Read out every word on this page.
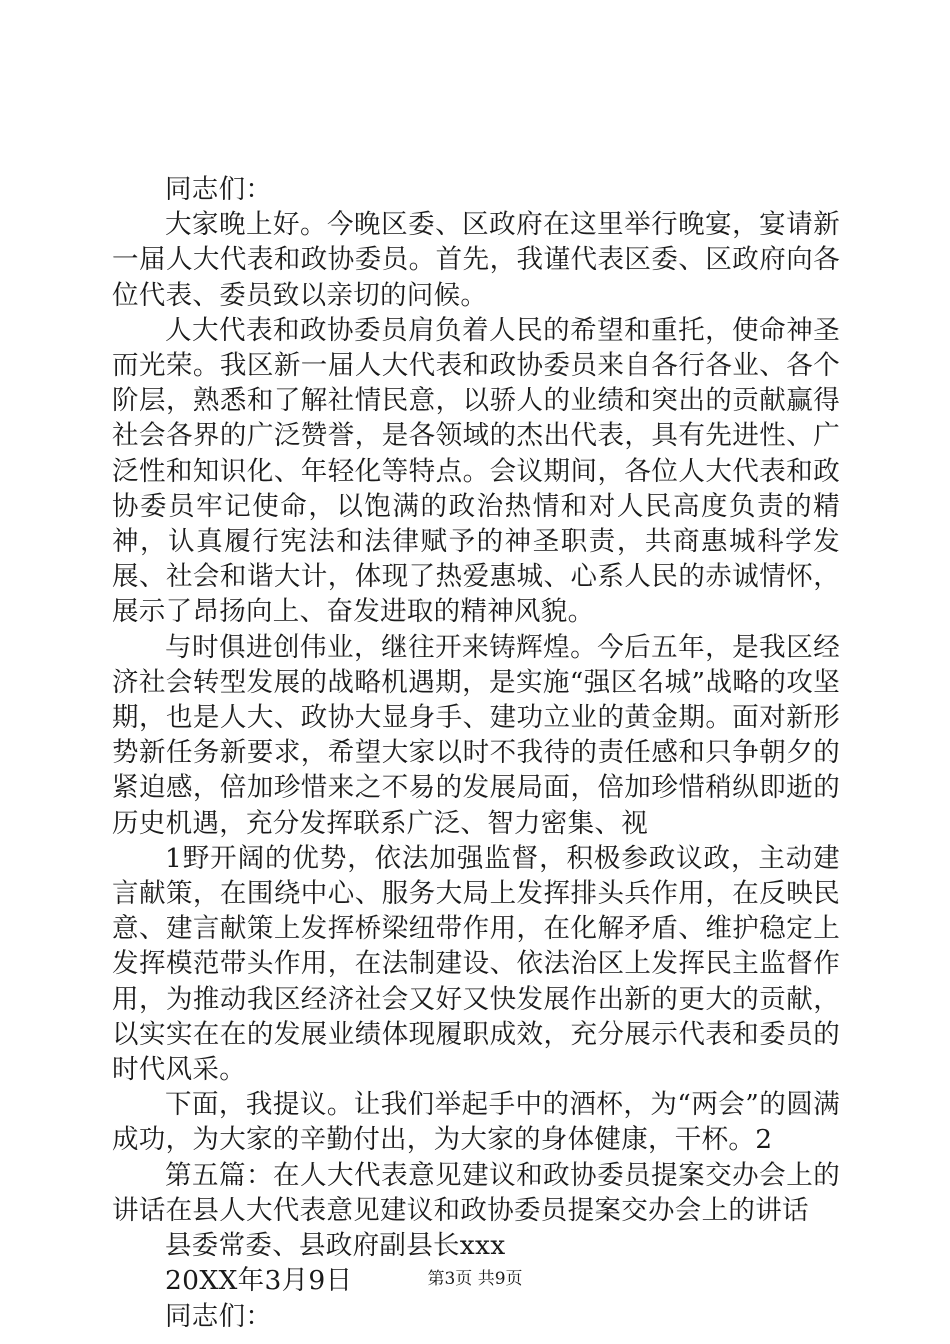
同志们：

大家晚上好。今晚区委、区政府在这里举行晚宴，宴请新一届人大代表和政协委员。首先，我谨代表区委、区政府向各位代表、委员致以亲切的问候。

人大代表和政协委员肩负着人民的希望和重托，使命神圣而光荣。我区新一届人大代表和政协委员来自各行各业、各个阶层，熟悉和了解社情民意，以骄人的业绩和突出的贡献赢得社会各界的广泛赞誉，是各领域的杰出代表，具有先进性、广泛性和知识化、年轻化等特点。会议期间，各位人大代表和政协委员牢记使命，以饱满的政治热情和对人民高度负责的精神，认真履行宪法和法律赋予的神圣职责，共商惠城科学发展、社会和谐大计，体现了热爱惠城、心系人民的赤诚情怀，展示了昂扬向上、奋发进取的精神风貌。

与时俱进创伟业，继往开来铸辉煌。今后五年，是我区经济社会转型发展的战略机遇期，是实施“强区名城”战略的攻坚期，也是人大、政协大显身手、建功立业的黄金期。面对新形势新任务新要求，希望大家以时不我待的责任感和只争朝夕的紧迫感，倍加珍惜来之不易的发展局面，倍加珍惜稍纵即逝的历史机遇，充分发挥联系广泛、智力密集、视

1野开阔的优势，依法加强监督，积极参政议政，主动建言献策，在围绕中心、服务大局上发挥排头兵作用，在反映民意、建言献策上发挥桥梁纽带作用，在化解矛盾、维护稳定上发挥模范带头作用，在法制建设、依法治区上发挥民主监督作用，为推动我区经济社会又好又快发展作出新的更大的贡献，以实实在在的发展业绩体现履职成效，充分展示代表和委员的时代风采。

下面，我提议。让我们举起手中的酒杯，为“两会”的圆满成功，为大家的辛勤付出，为大家的身体健康，干杯。2

第五篇：在人大代表意见建议和政协委员提案交办会上的讲话在县人大代表意见建议和政协委员提案交办会上的讲话

县委常委、县政府副县长xxx

20XX年3月9日

同志们：

第3页 共9页
